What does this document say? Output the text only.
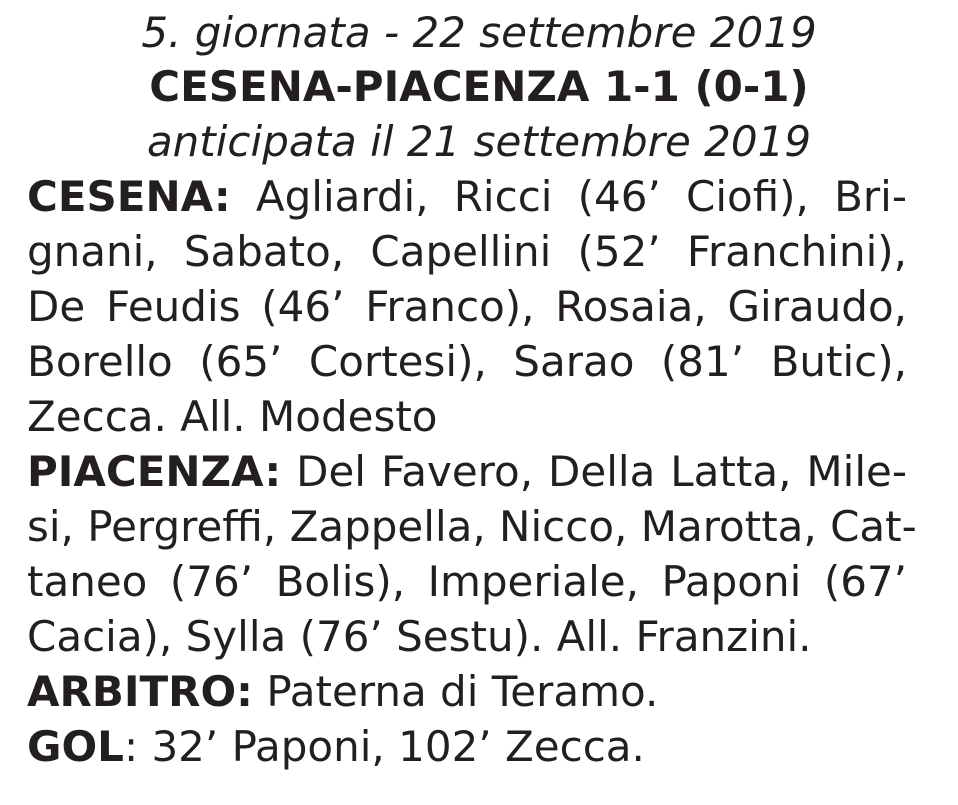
5. giornata - 22 settembre 2019
CESENA-PIACENZA 1-1 (0-1)
anticipata il 21 settembre 2019
CESENA: Agliardi, Ricci (46’ Ciofi), Bri-
gnani, Sabato, Capellini (52’ Franchini),
De Feudis (46’ Franco), Rosaia, Giraudo,
Borello (65’ Cortesi), Sarao (81’ Butic),
Zecca. All. Modesto
PIACENZA: Del Favero, Della Latta, Mile-
si, Pergreffi, Zappella, Nicco, Marotta, Cat-
taneo (76’ Bolis), Imperiale, Paponi (67’
Cacia), Sylla (76’ Sestu). All. Franzini.
ARBITRO: Paterna di Teramo.
GOL: 32’ Paponi, 102’ Zecca.
